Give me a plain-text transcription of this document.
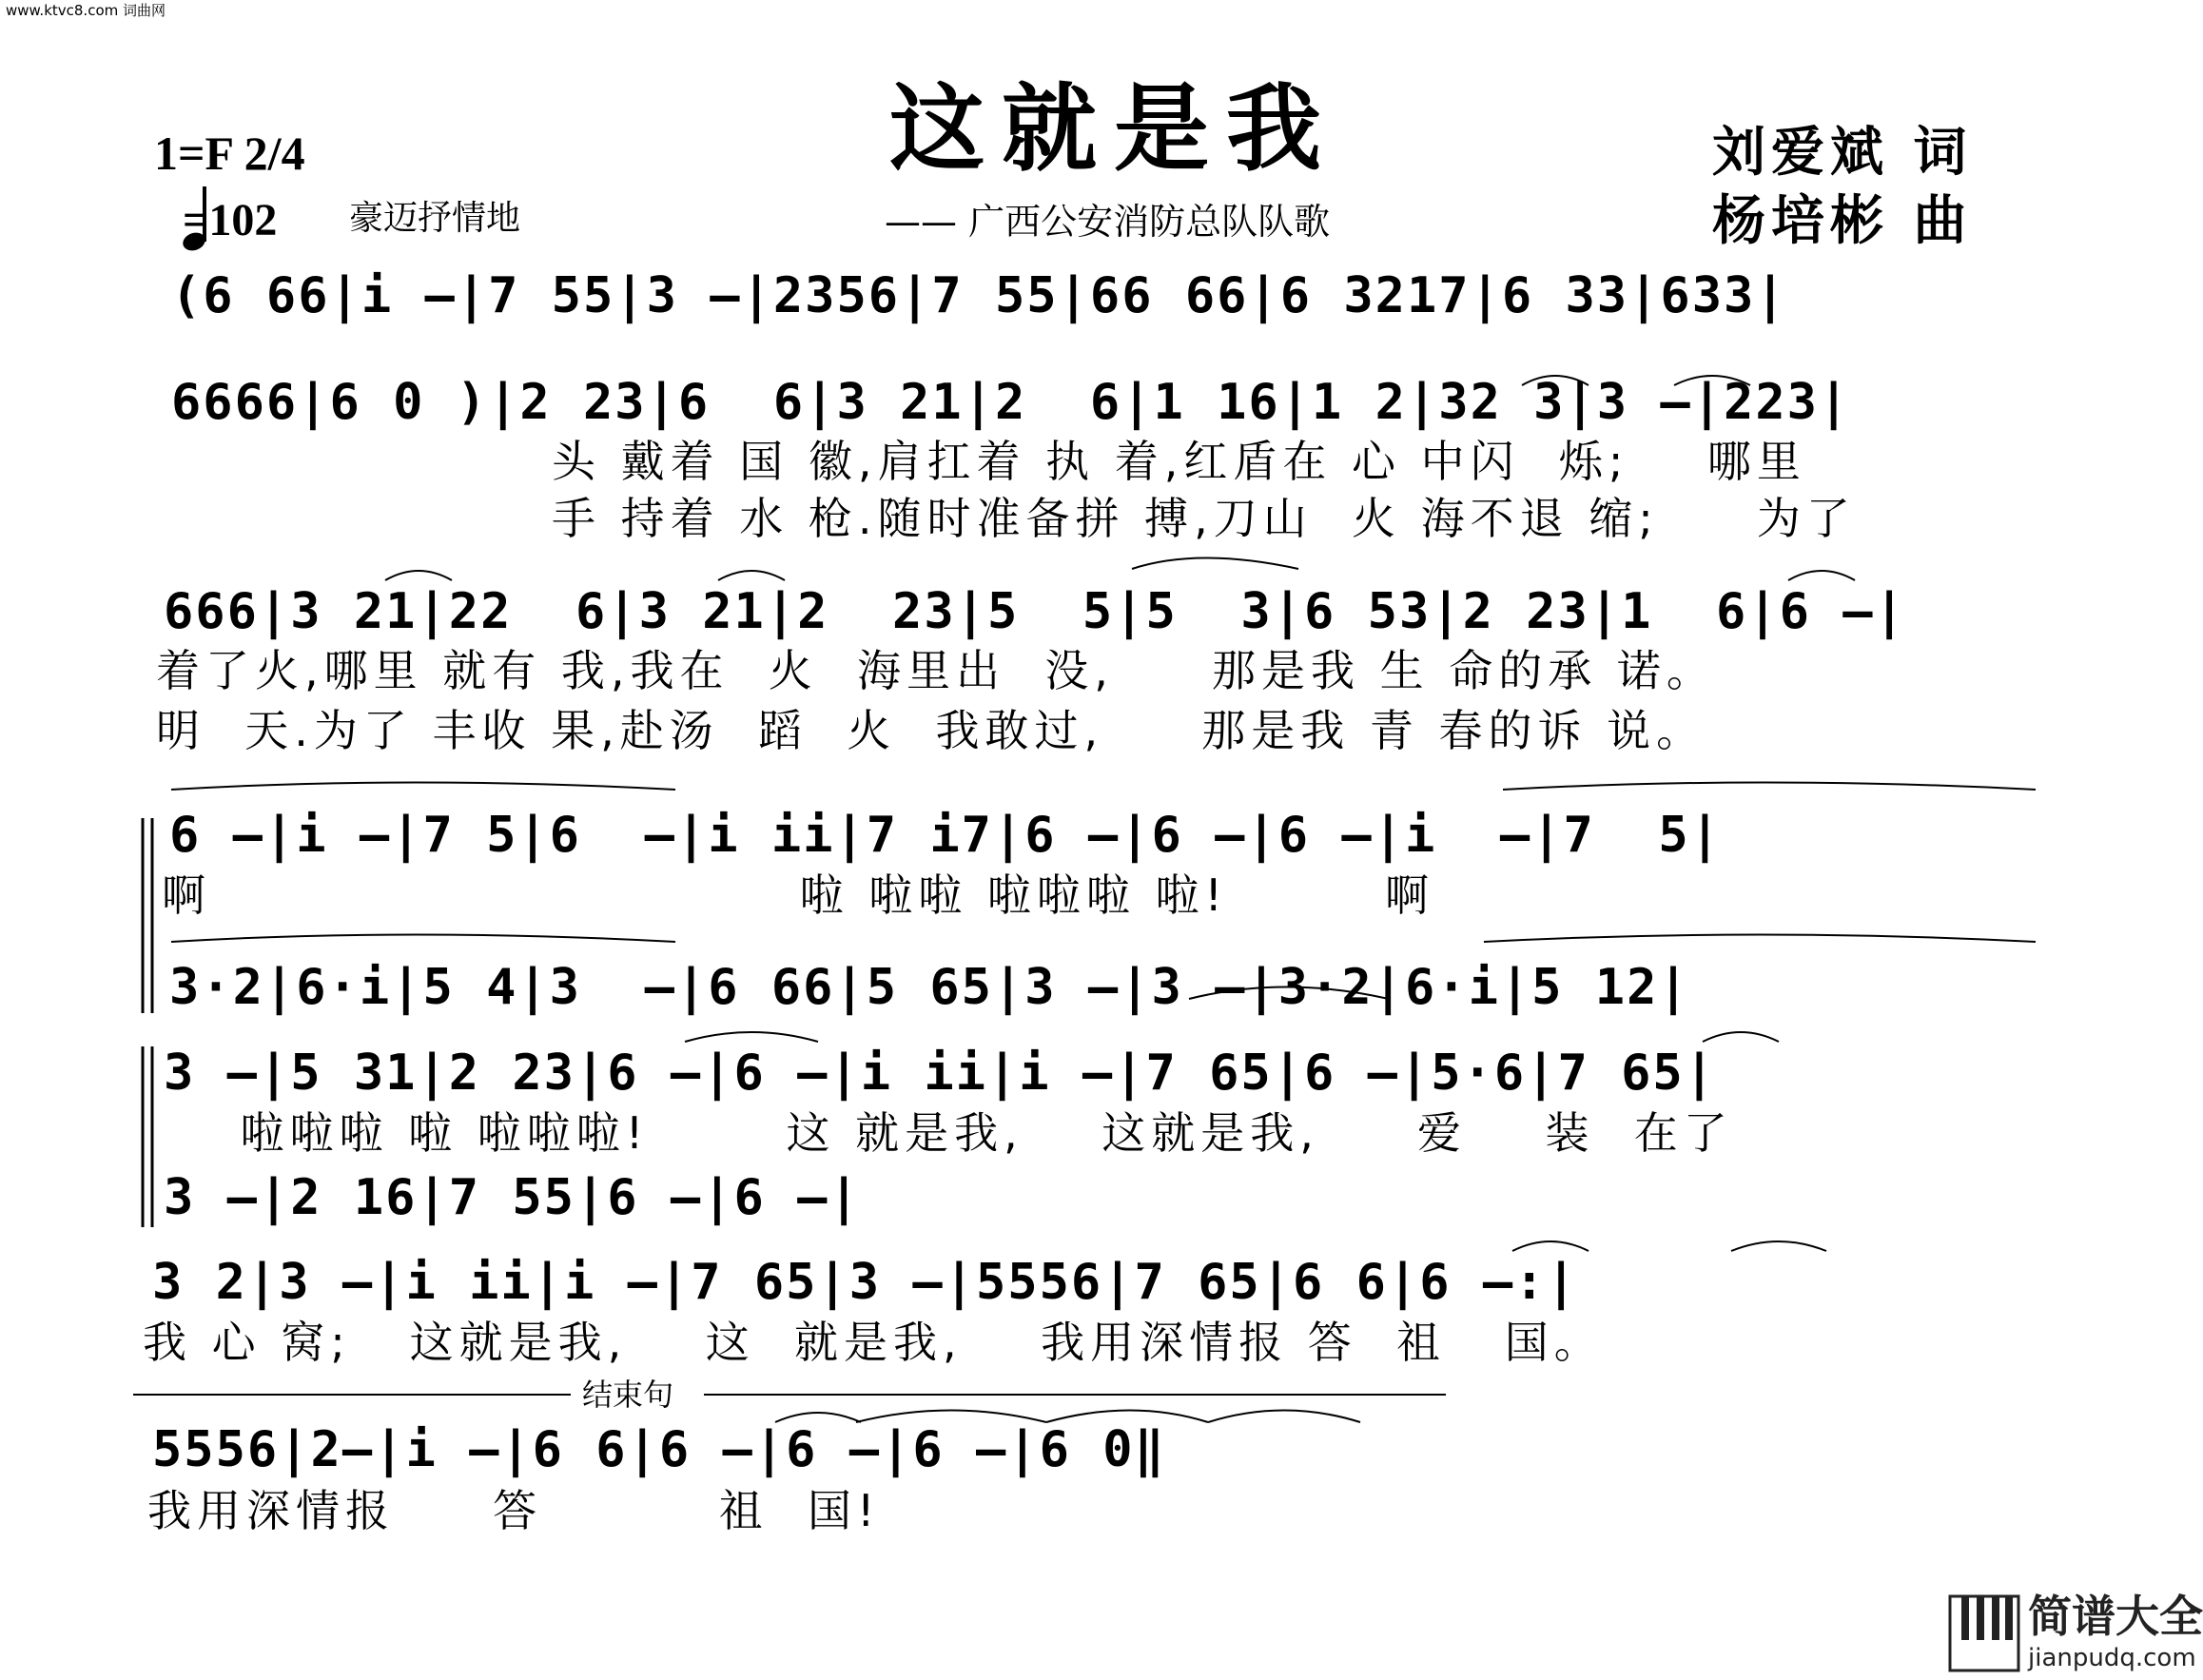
www.ktvc8.com 词曲网
这就是我
—— 广西公安消防总队队歌
1=F 2/4
=102 豪迈抒情地
刘爱斌 词
杨培彬 曲
(6 66|i —|7 55|3 —|2356|7 55|66 66|6 3217|6 33|633|
6666|6 0 )|2 23|6  6|3 21|2  6|1 16|1 2|32 3|3 —|223|
头 戴着 国 徽,肩扛着 执 着,红盾在 心 中闪  烁;    哪里
手 持着 水 枪.随时准备拼 搏,刀山  火 海不退 缩;     为了
666|3 21|22  6|3 21|2  23|5  5|5  3|6 53|2 23|1  6|6 —|
着了火,哪里 就有 我,我在  火  海里出  没,     那是我 生 命的承 诺。
明  天.为了 丰收 果,赴汤  蹈  火  我敢过,     那是我 青 春的诉 说。
6 —|i —|7 5|6  —|i ii|7 i7|6 —|6 —|6 —|i  —|7  5|
啊                              啦 啦啦 啦啦啦 啦!        啊
3·2|6·i|5 4|3  —|6 66|5 65|3 —|3 —|3·2|6·i|5 12|
3 —|5 31|2 23|6 —|6 —|i ii|i —|7 65|6 —|5·6|7 65|
啦啦啦 啦 啦啦啦!       这 就是我,    这就是我,     爱    装  在了
3 —|2 16|7 55|6 —|6 —|
3 2|3 —|i ii|i —|7 65|3 —|5556|7 65|6 6|6 —:|
我 心 窝;   这就是我,    这  就是我,    我用深情报 答  祖   国。
结束句
5556|2—|i —|6 6|6 —|6 —|6 —|6 0‖
我用深情报     答         祖  国!
简谱大全
jianpudq.com
